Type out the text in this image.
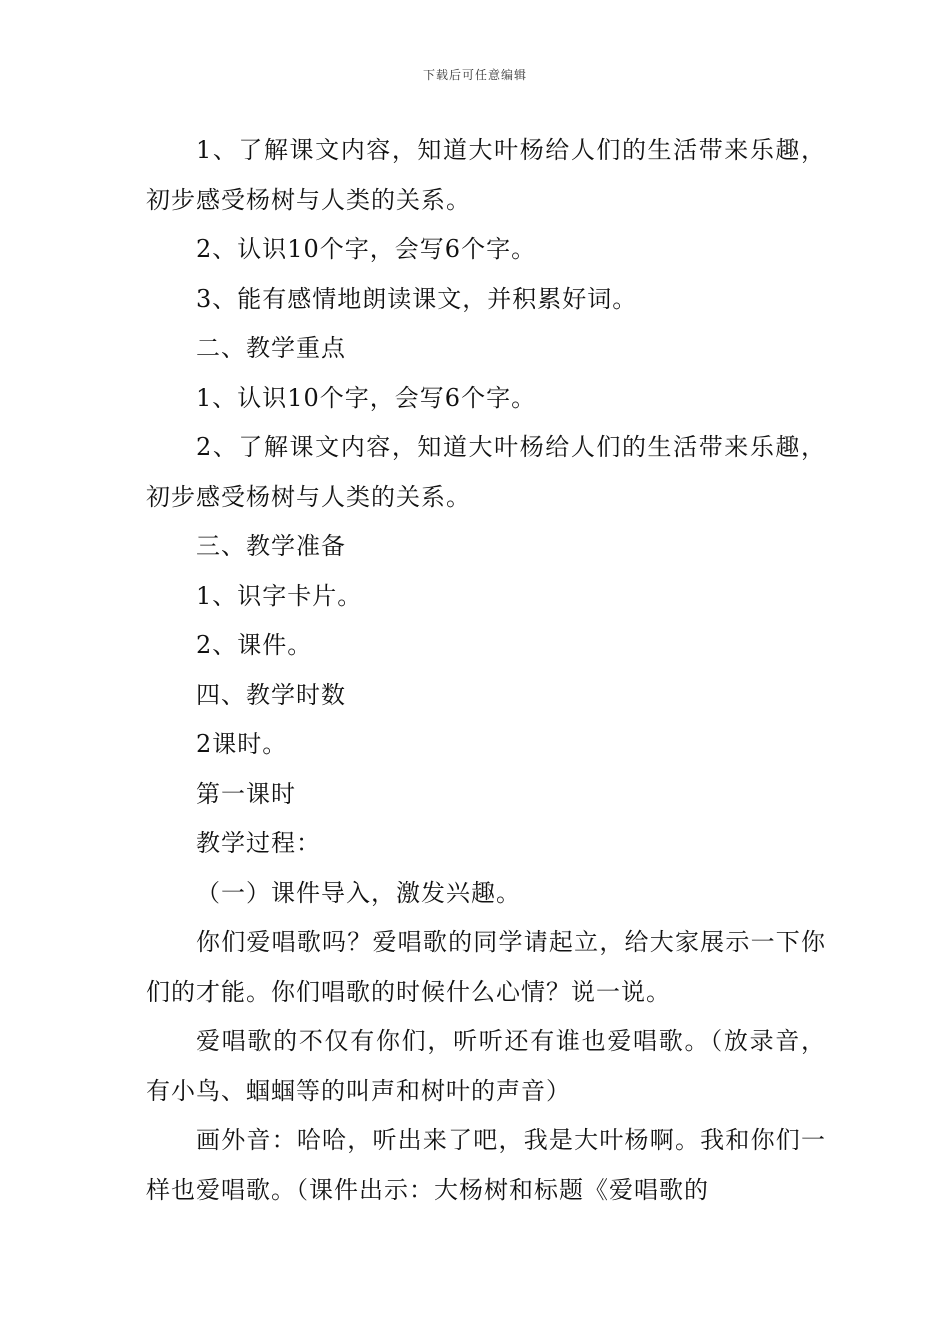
下载后可任意编辑

1、了解课文内容，知道大叶杨给人们的生活带来乐趣，初步感受杨树与人类的关系。

2、认识10个字，会写6个字。

3、能有感情地朗读课文，并积累好词。

二、教学重点

1、认识10个字，会写6个字。

2、了解课文内容，知道大叶杨给人们的生活带来乐趣，初步感受杨树与人类的关系。

三、教学准备

1、识字卡片。

2、课件。

四、教学时数

2课时。

第一课时

教学过程：

（一）课件导入，激发兴趣。

你们爱唱歌吗？爱唱歌的同学请起立，给大家展示一下你们的才能。你们唱歌的时候什么心情？说一说。

爱唱歌的不仅有你们，听听还有谁也爱唱歌。（放录音，有小鸟、蝈蝈等的叫声和树叶的声音）

画外音：哈哈，听出来了吧，我是大叶杨啊。我和你们一样也爱唱歌。（课件出示：大杨树和标题《爱唱歌的
